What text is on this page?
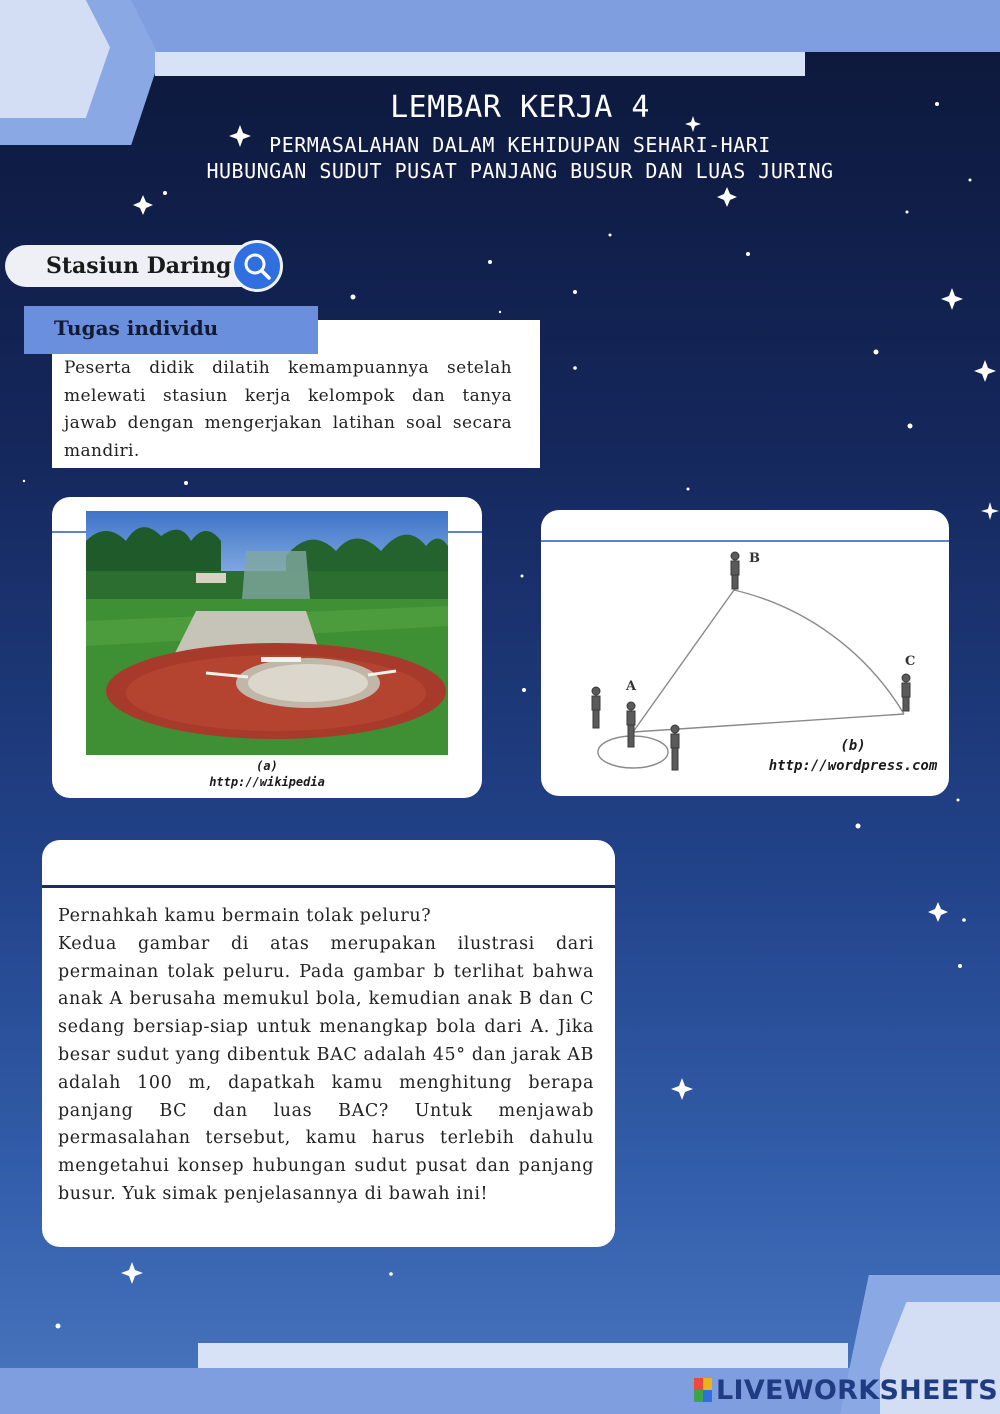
LEMBAR KERJA 4
PERMASALAHAN DALAM KEHIDUPAN SEHARI-HARI
HUBUNGAN SUDUT PUSAT PANJANG BUSUR DAN LUAS JURING
Stasiun Daring
Tugas individu
Peserta didik dilatih kemampuannya setelah melewati stasiun kerja kelompok dan tanya jawab dengan mengerjakan latihan soal secara mandiri.
(a)
http://wikipedia
B
C
A
(b)
http://wordpress.com

Pernahkah kamu bermain tolak peluru?

Kedua gambar di atas merupakan ilustrasi dari permainan tolak peluru. Pada gambar b terlihat bahwa anak A berusaha memukul bola, kemudian anak B dan C sedang bersiap-siap untuk menangkap bola dari A. Jika besar sudut yang dibentuk BAC adalah 45° dan jarak AB adalah 100 m, dapatkah kamu menghitung berapa panjang BC dan luas BAC? Untuk menjawab permasalahan tersebut, kamu harus terlebih dahulu mengetahui konsep hubungan sudut pusat dan panjang busur. Yuk simak penjelasannya di bawah ini!

LIVEWORKSHEETS
